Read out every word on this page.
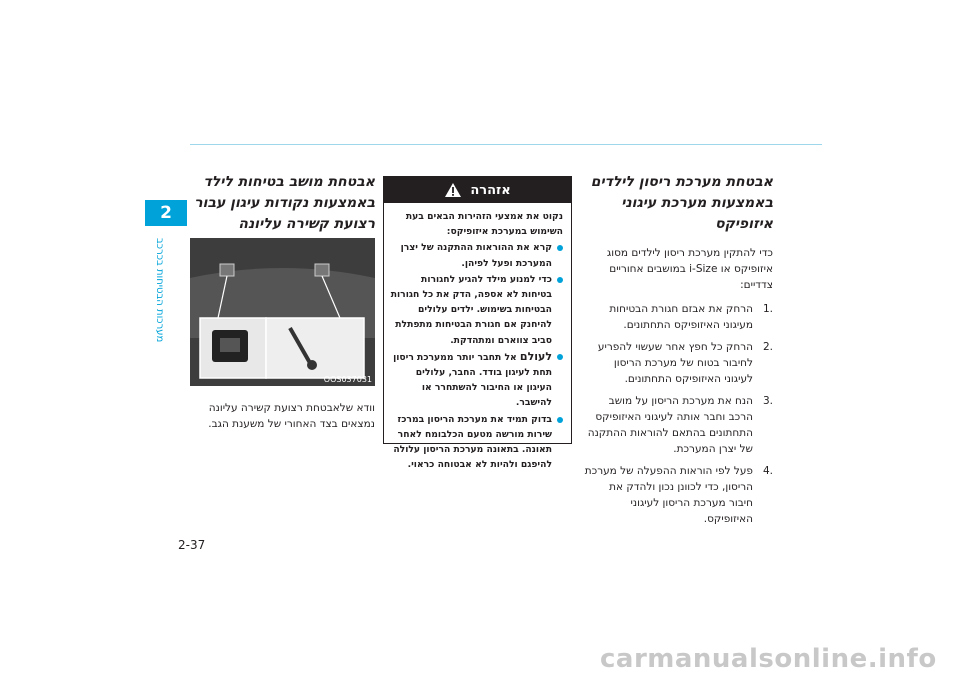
2
מערכות הבטיחות בכרכב

אבטחת מושב בטיחות לילד

באמצעות נקודות עיגון עבור

רצועת קשירה עליונה

OOS037031

וודא שלאבטחת רצועת קשירה עליונה נמצאים בצד האחורי של משענת הגב.

אזהרה

נקוט את אמצעי הזהירות הבאים בעת השימוש במערכת איזופיקס:

קרא את ההוראות ההתקנה של יצרן המערכת ופעל לפיהן.
כדי למנוע מילד להגיע לחגורות בטיחות לא אספה, הדק את כל חגורות הבטיחות בשימוש. ילדים עלולים להיחנק אם חגורת הבטיחות מתפתלת סביב צווארם ומתהדקת.
לעולם אל תחבר יותר ממערכת ריסון תחת לעיגון בודד. החבר, עלולים העיגון או החיבור להשתחרר או להישבר.
בדוק תמיד את מערכת הריסון במרכז שירות מורשה מטעם הכלבומח לאחר תאונה. בתאונה מערכת הריסון עלולה להיפגם ולהיות לא אבטוחה כראוי.

אבטחת מערכת ריסון לילדים

באמצעות מערכת עיגוני

איזופיקס

כדי להתקין מערכת ריסון לילדים מסוג איזופיקס או i-Size במושבים אחוריים צדדיים:

.1
הרחק את אבזם חגורת הבטיחות מעיגוני האיזופיקס התחתונים.
.2
הרחק כל חפץ אחר שעשוי להפריע לחיבור בטוח של מערכת הריסון לעיגוני האיזופיקס התחתונים.
.3
הנח את מערכת הריסון על מושב הרכב וחבר אותה לעיגוני האיזופיקס התחתונים בהתאם להוראות ההתקנה של יצרן המערכת.
.4
פעל לפי הוראות ההפעלה של מערכת הריסון, כדי לכוונן נכון ולהדק את חיבור מערכת הריסון לעיגוני האיזופיקס.
2-37
carmanualsonline.info
